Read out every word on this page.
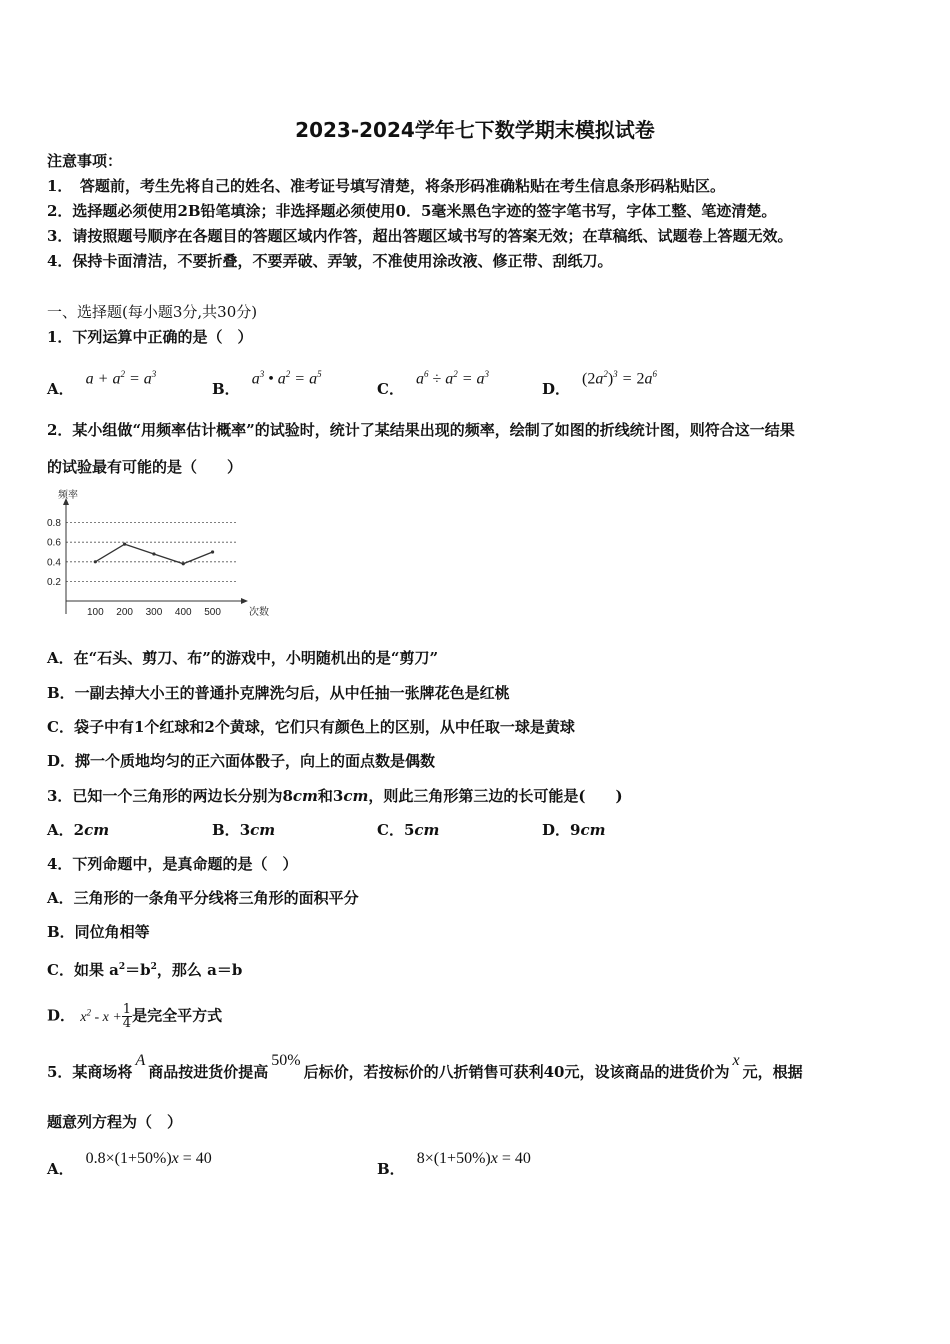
2023-2024学年七下数学期末模拟试卷
注意事项：
1．　答题前，考生先将自己的姓名、准考证号填写清楚，将条形码准确粘贴在考生信息条形码粘贴区。
2．选择题必须使用2B铅笔填涂；非选择题必须使用0．5毫米黑色字迹的签字笔书写，字体工整、笔迹清楚。
3．请按照题号顺序在各题目的答题区域内作答，超出答题区域书写的答案无效；在草稿纸、试题卷上答题无效。
4．保持卡面清洁，不要折叠，不要弄破、弄皱，不准使用涂改液、修正带、刮纸刀。
一、选择题(每小题3分,共30分)
1．下列运算中正确的是（　）
A．$a + a^2 = a^3$
B．$a^3$ • $a^2 = a^5$
C．$a^6 \div a^2 = a^3$
D．$(2a^2)^3 = 2a^6$
2．某小组做“用频率估计概率”的试验时，统计了某结果出现的频率，绘制了如图的折线统计图，则符合这一结果
的试验最有可能的是（　　）
频率
次数
0.8
0.6
0.4
0.2
100 200 300 400 500
A．在“石头、剪刀、布”的游戏中，小明随机出的是“剪刀”
B．一副去掉大小王的普通扑克牌洗匀后，从中任抽一张牌花色是红桃
C．袋子中有1个红球和2个黄球，它们只有颜色上的区别，从中任取一球是黄球
D．掷一个质地均匀的正六面体骰子，向上的面点数是偶数
3．已知一个三角形的两边长分别为8cm和3cm，则此三角形第三边的长可能是(　　)
A．2cm	B．3cm	C．5cm	D．9cm
4．下列命题中，是真命题的是（　）
A．三角形的一条角平分线将三角形的面积平分
B．同位角相等
C．如果 $a^2=b^2$，那么 a＝b
D． $x^2 - x + \frac{1}{4}$ 是完全平方式
5．某商场将A商品按进货价提高50%后标价，若按标价的八折销售可获利40元，设该商品的进货价为x元，根据
题意列方程为（　）
A．0.8×(1+50%)x = 40
B．8×(1+50%)x = 40
